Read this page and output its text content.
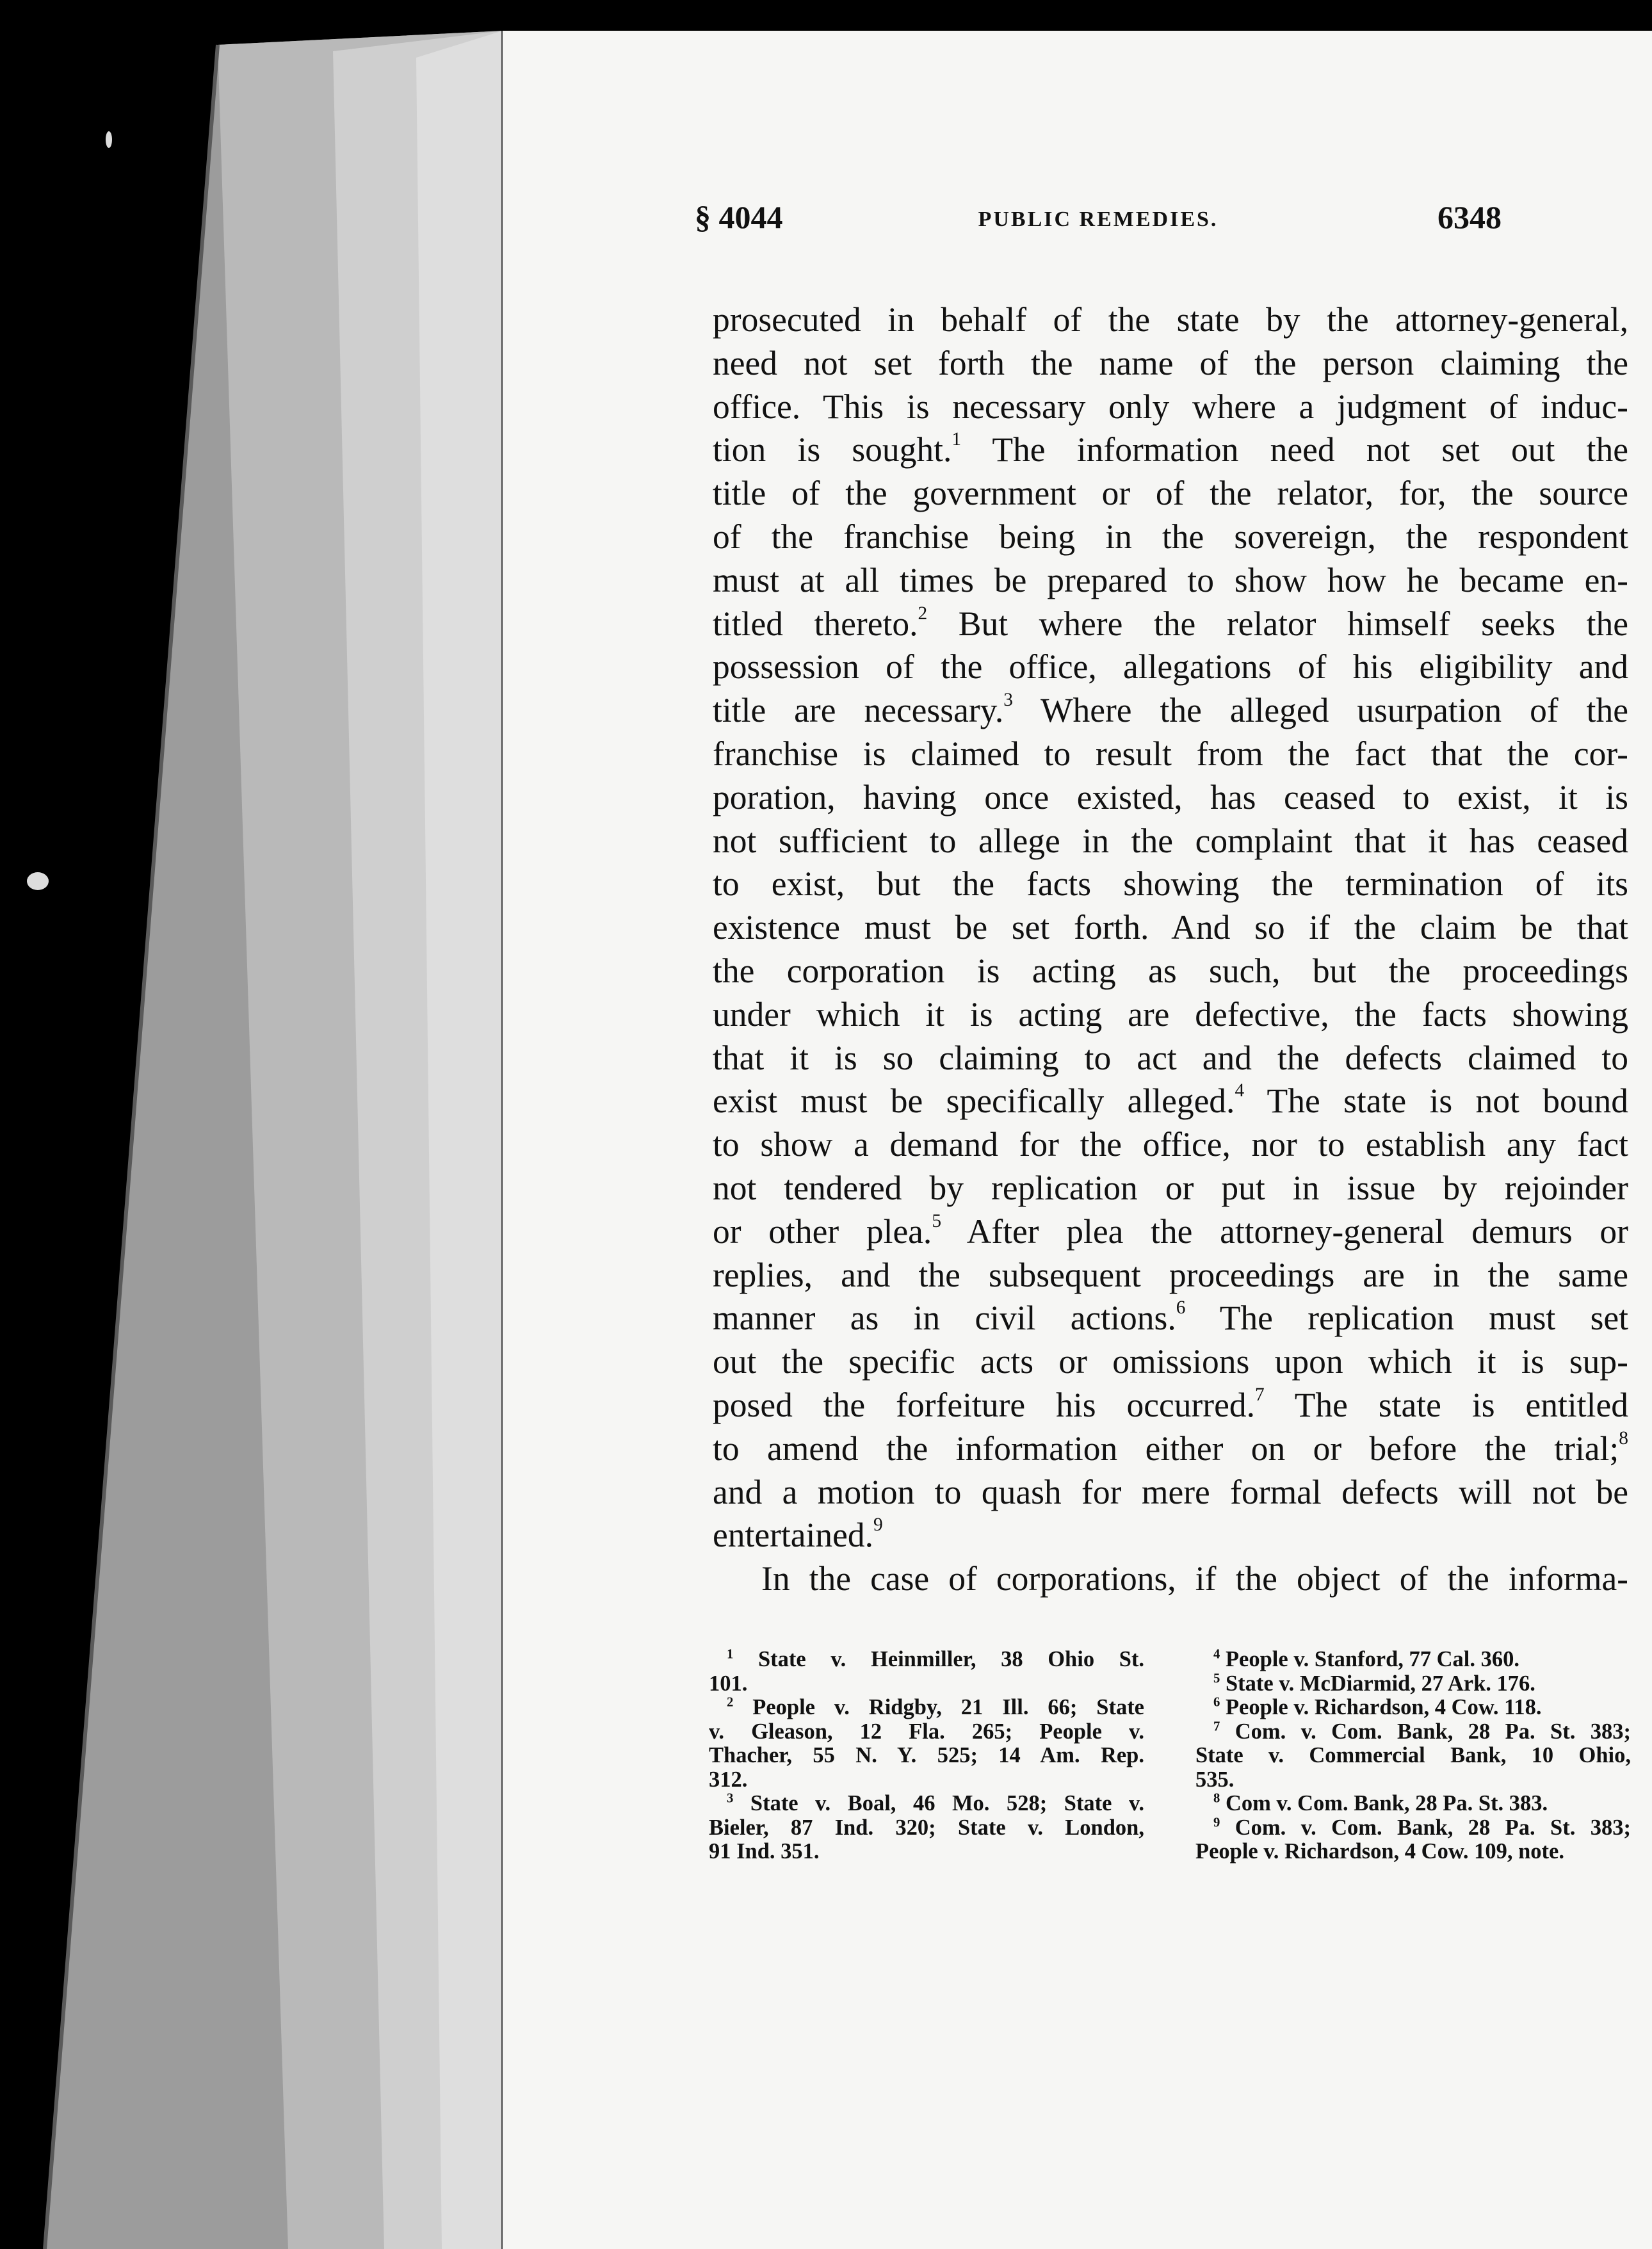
§ 4044	PUBLIC REMEDIES.	6348
prosecuted in behalf of the state by the attorney-general,
need not set forth the name of the person claiming the
office. This is necessary only where a judgment of induc-
tion is sought.$^1$ The information need not set out the
title of the government or of the relator, for, the source
of the franchise being in the sovereign, the respondent
must at all times be prepared to show how he became en-
titled thereto.$^2$ But where the relator himself seeks the
possession of the office, allegations of his eligibility and
title are necessary.$^3$ Where the alleged usurpation of the
franchise is claimed to result from the fact that the cor-
poration, having once existed, has ceased to exist, it is
not sufficient to allege in the complaint that it has ceased
to exist, but the facts showing the termination of its
existence must be set forth. And so if the claim be that
the corporation is acting as such, but the proceedings
under which it is acting are defective, the facts showing
that it is so claiming to act and the defects claimed to
exist must be specifically alleged.$^4$ The state is not bound
to show a demand for the office, nor to establish any fact
not tendered by replication or put in issue by rejoinder
or other plea.$^5$ After plea the attorney-general demurs or
replies, and the subsequent proceedings are in the same
manner as in civil actions.$^6$ The replication must set
out the specific acts or omissions upon which it is sup-
posed the forfeiture his occurred.$^7$ The state is entitled
to amend the information either on or before the trial;$^8$
and a motion to quash for mere formal defects will not be
entertained.$^9$
In the case of corporations, if the object of the informa-
$^1$ State v. Heinmiller, 38 Ohio St.
101.
$^2$ People v. Ridgby, 21 Ill. 66; State
v. Gleason, 12 Fla. 265; People v.
Thacher, 55 N. Y. 525; 14 Am. Rep.
312.
$^3$ State v. Boal, 46 Mo. 528; State v.
Bieler, 87 Ind. 320; State v. London,
91 Ind. 351.
$^4$ People v. Stanford, 77 Cal. 360.
$^5$ State v. McDiarmid, 27 Ark. 176.
$^6$ People v. Richardson, 4 Cow. 118.
$^7$ Com. v. Com. Bank, 28 Pa. St. 383;
State v. Commercial Bank, 10 Ohio,
535.
$^8$ Com v. Com. Bank, 28 Pa. St. 383.
$^9$ Com. v. Com. Bank, 28 Pa. St. 383;
People v. Richardson, 4 Cow. 109, note.
